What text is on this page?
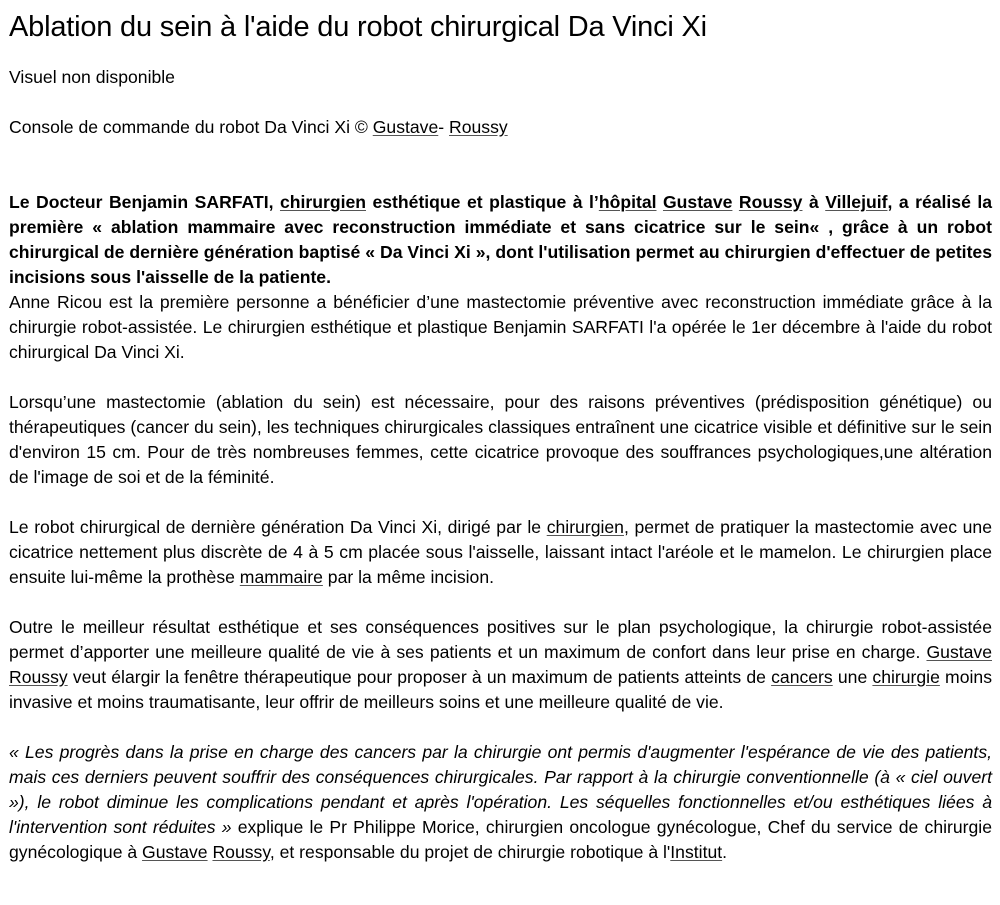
Ablation du sein à l'aide du robot chirurgical Da Vinci Xi

Visuel non disponible

Console de commande du robot Da Vinci Xi © Gustave- Roussy

Le Docteur Benjamin SARFATI, chirurgien esthétique et plastique à l’hôpital Gustave Roussy à Villejuif, a réalisé la première « ablation mammaire avec reconstruction immédiate et sans cicatrice sur le sein« , grâce à un robot chirurgical de dernière génération baptisé « Da Vinci Xi », dont l'utilisation permet au chirurgien d'effectuer de petites incisions sous l'aisselle de la patiente.

Anne Ricou est la première personne a bénéficier d’une mastectomie préventive avec reconstruction immédiate grâce à la chirurgie robot-assistée. Le chirurgien esthétique et plastique Benjamin SARFATI l'a opérée le 1er décembre à l'aide du robot chirurgical Da Vinci Xi.

Lorsqu’une mastectomie (ablation du sein) est nécessaire, pour des raisons préventives (prédisposition génétique) ou thérapeutiques (cancer du sein), les techniques chirurgicales classiques entraînent une cicatrice visible et définitive sur le sein d'environ 15 cm. Pour de très nombreuses femmes, cette cicatrice provoque des souffrances psychologiques,une altération de l'image de soi et de la féminité.

Le robot chirurgical de dernière génération Da Vinci Xi, dirigé par le chirurgien, permet de pratiquer la mastectomie avec une cicatrice nettement plus discrète de 4 à 5 cm placée sous l'aisselle, laissant intact l'aréole et le mamelon. Le chirurgien place ensuite lui-même la prothèse mammaire par la même incision.

Outre le meilleur résultat esthétique et ses conséquences positives sur le plan psychologique, la chirurgie robot-assistée permet d’apporter une meilleure qualité de vie à ses patients et un maximum de confort dans leur prise en charge. Gustave Roussy veut élargir la fenêtre thérapeutique pour proposer à un maximum de patients atteints de cancers une chirurgie moins invasive et moins traumatisante, leur offrir de meilleurs soins et une meilleure qualité de vie.

« Les progrès dans la prise en charge des cancers par la chirurgie ont permis d'augmenter l'espérance de vie des patients, mais ces derniers peuvent souffrir des conséquences chirurgicales. Par rapport à la chirurgie conventionnelle (à « ciel ouvert »), le robot diminue les complications pendant et après l'opération. Les séquelles fonctionnelles et/ou esthétiques liées à l'intervention sont réduites » explique le Pr Philippe Morice, chirurgien oncologue gynécologue, Chef du service de chirurgie gynécologique à Gustave Roussy, et responsable du projet de chirurgie robotique à l'Institut.
